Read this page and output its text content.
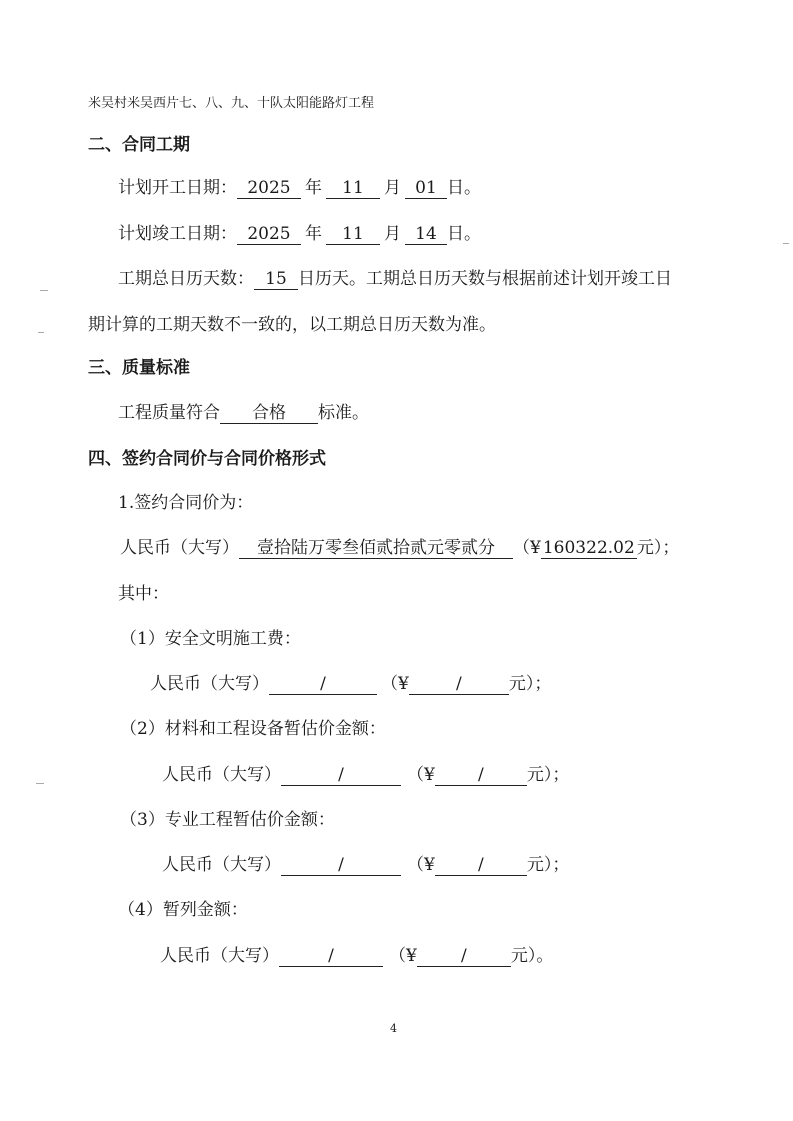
米吴村米吴西片七、八、九、十队太阳能路灯工程
二、合同工期
计划开工日期： 2025 年 11 月 01 日。
计划竣工日期： 2025 年 11 月 14 日。
工期总日历天数： 15 日历天。工期总日历天数与根据前述计划开竣工日
期计算的工期天数不一致的，以工期总日历天数为准。
三、质量标准
工程质量符合 合格 标准。
四、签约合同价与合同价格形式
1.签约合同价为：
人民币（大写） 壹拾陆万零叁佰贰拾贰元零贰分 （¥ 160322.02 元）；
其中：
（1）安全文明施工费：
人民币（大写）	/	（¥	/	元）；
（2）材料和工程设备暂估价金额：
人民币（大写）	/	（¥	/	元）；
（3）专业工程暂估价金额：
人民币（大写）	/	（¥	/	元）；
（4）暂列金额：
人民币（大写）	/	（¥	/	元）。
4
